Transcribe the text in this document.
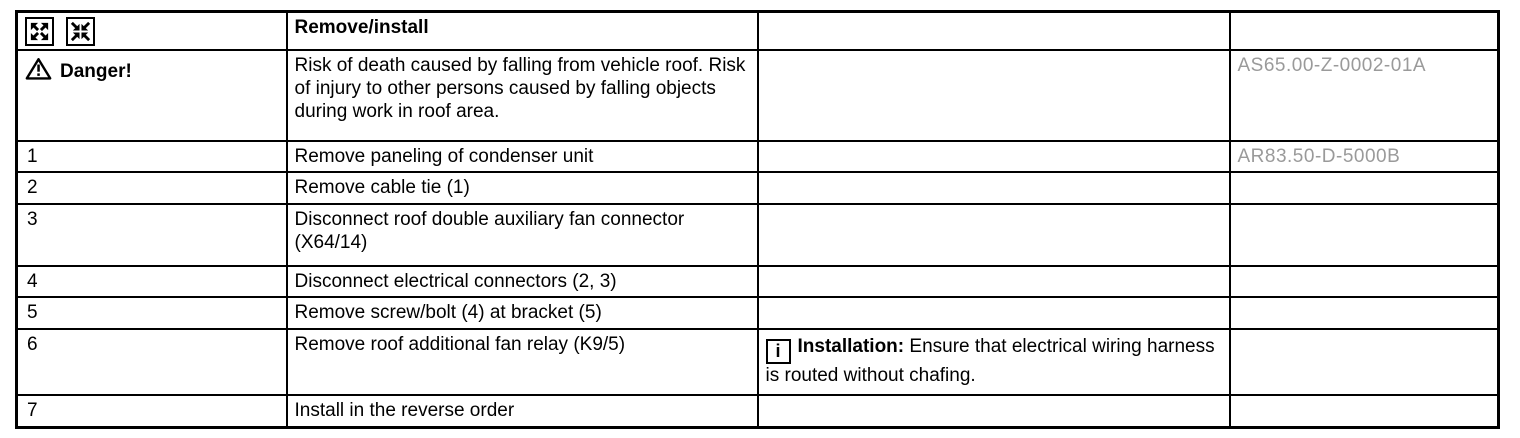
	Remove/install		
Danger!	Risk of death caused by falling from vehicle roof. Risk of injury to other persons caused by falling objects during work in roof area.		AS65.00-Z-0002-01A
1	Remove paneling of condenser unit		AR83.50-D-5000B
2	Remove cable tie (1)		
3	Disconnect roof double auxiliary fan connector (X64/14)		
4	Disconnect electrical connectors (2, 3)		
5	Remove screw/bolt (4) at bracket (5)		
6	Remove roof additional fan relay (K9/5)	i Installation: Ensure that electrical wiring harness is routed without chafing.	

7	Install in the reverse order		
